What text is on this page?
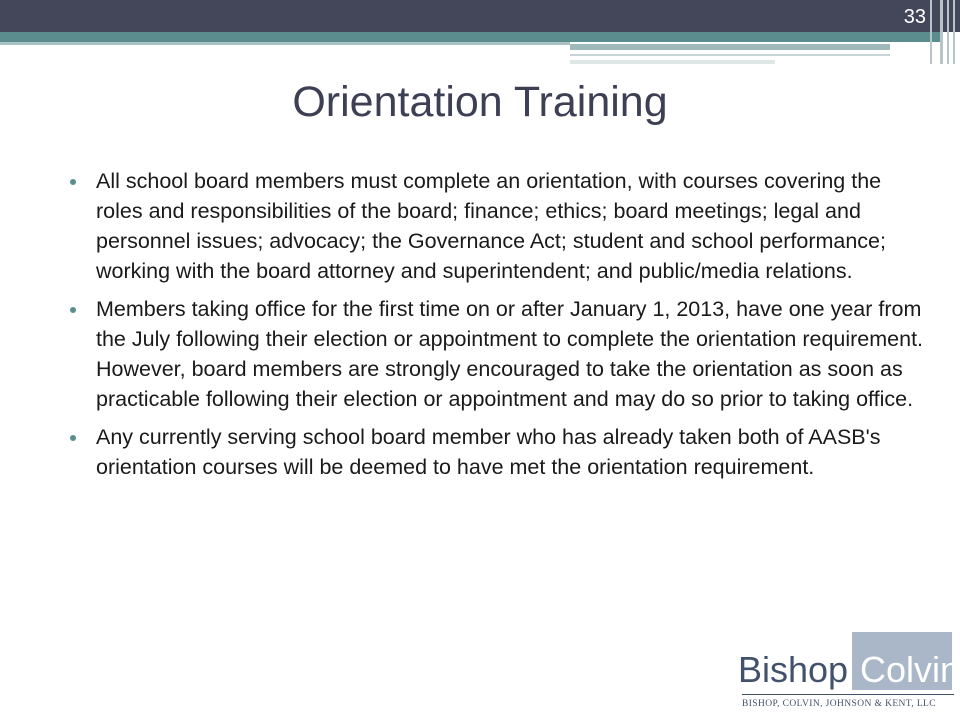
33
Orientation Training
All school board members must complete an orientation, with courses covering the roles and responsibilities of the board; finance; ethics; board meetings; legal and personnel issues; advocacy; the Governance Act; student and school performance; working with the board attorney and superintendent; and public/media relations.
Members taking office for the first time on or after January 1, 2013, have one year from the July following their election or appointment to complete the orientation requirement. However, board members are strongly encouraged to take the orientation as soon as practicable following their election or appointment and may do so prior to taking office.
Any currently serving school board member who has already taken both of AASB's orientation courses will be deemed to have met the orientation requirement.
Bishop Colvin
BISHOP, COLVIN, JOHNSON & KENT, LLC
